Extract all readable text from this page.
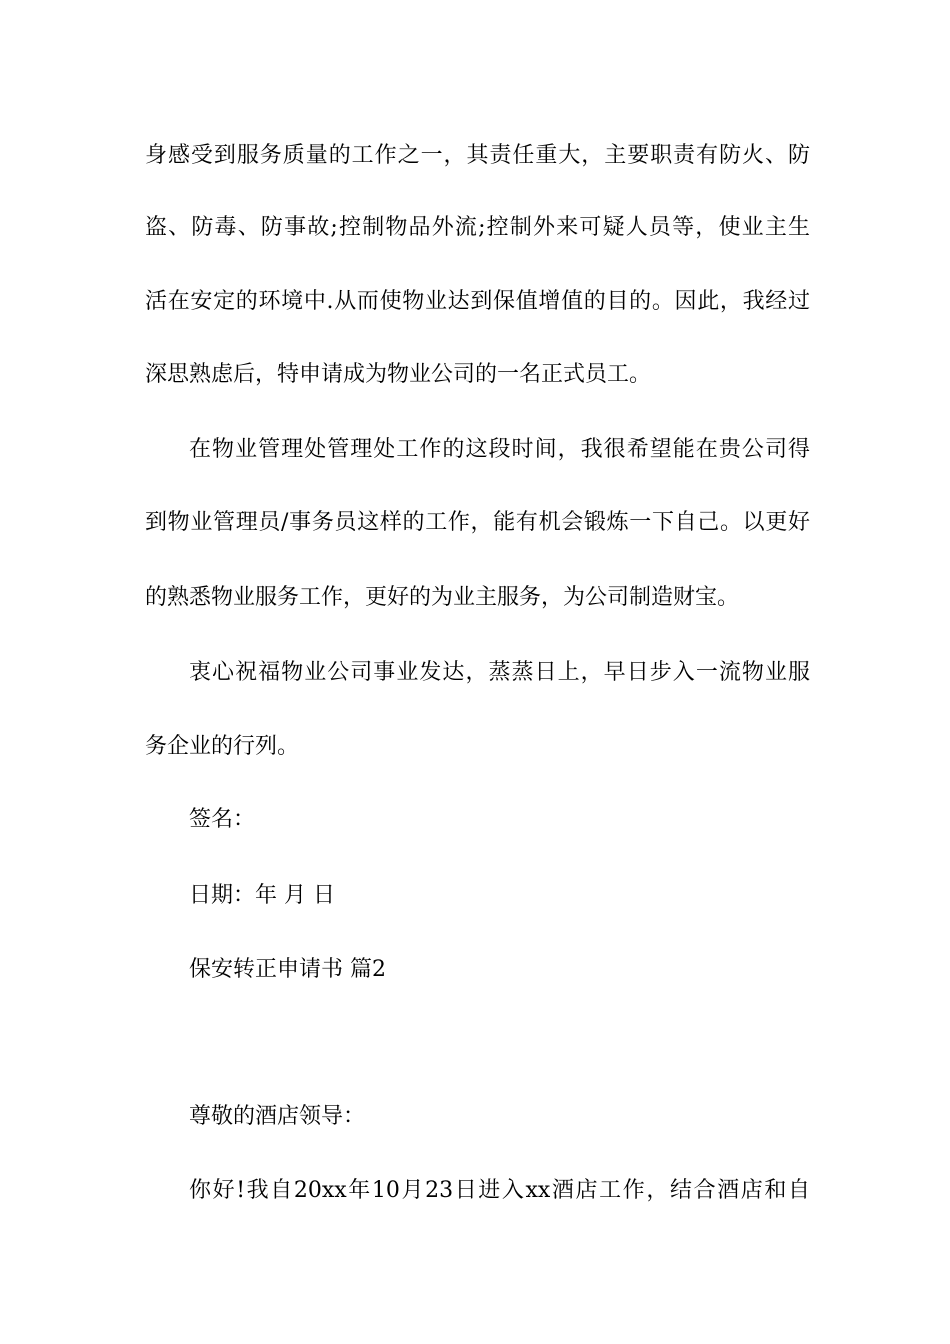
身感受到服务质量的工作之一，其责任重大，主要职责有防火、防
盗、防毒、防事故;控制物品外流;控制外来可疑人员等，使业主生
活在安定的环境中.从而使物业达到保值增值的目的。因此，我经过
深思熟虑后，特申请成为物业公司的一名正式员工。
在物业管理处管理处工作的这段时间，我很希望能在贵公司得
到物业管理员/事务员这样的工作，能有机会锻炼一下自己。以更好
的熟悉物业服务工作，更好的为业主服务，为公司制造财宝。
衷心祝福物业公司事业发达，蒸蒸日上，早日步入一流物业服
务企业的行列。
签名：
日期：年 月 日
保安转正申请书 篇2
尊敬的酒店领导：
你好!我自20xx年10月23日进入xx酒店工作，结合酒店和自
